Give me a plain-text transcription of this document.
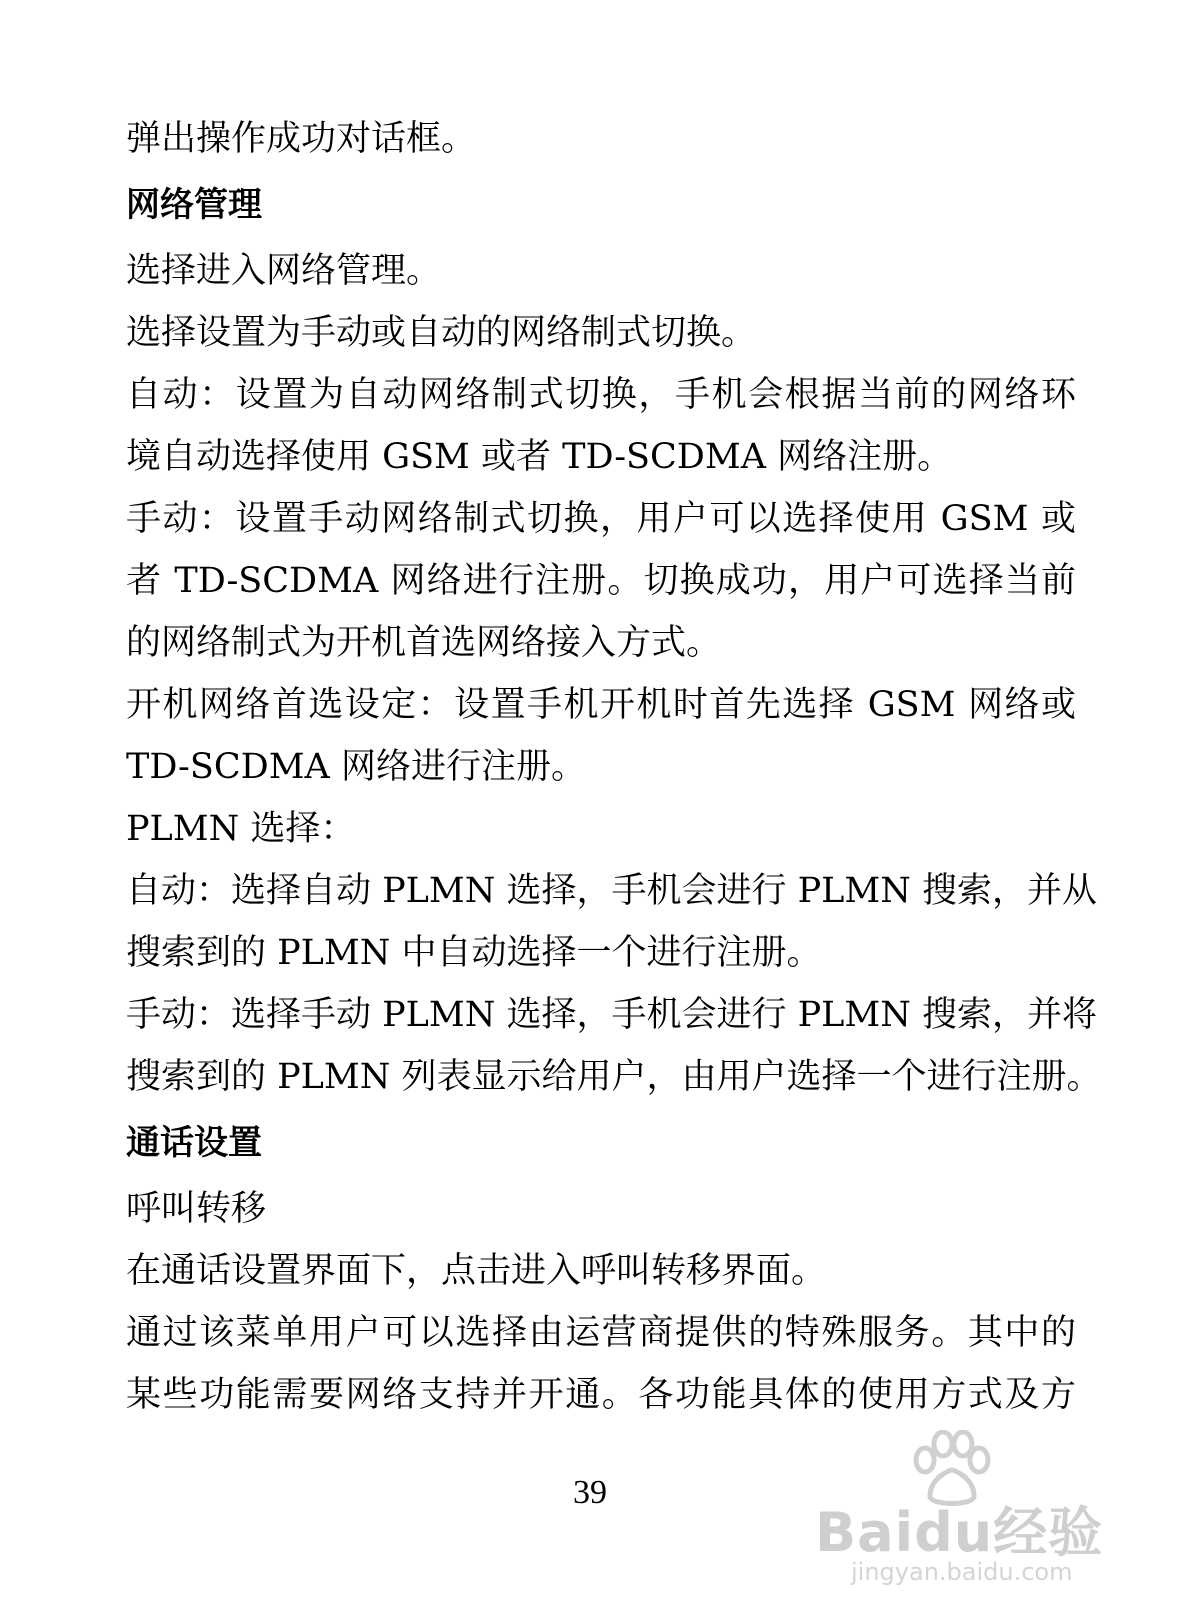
弹出操作成功对话框。

网络管理

选择进入网络管理。

选择设置为手动或自动的网络制式切换。

自动：设置为自动网络制式切换，手机会根据当前的网络环

境自动选择使用 GSM 或者 TD-SCDMA 网络注册。

手动：设置手动网络制式切换，用户可以选择使用 GSM 或

者 TD-SCDMA 网络进行注册。切换成功，用户可选择当前

的网络制式为开机首选网络接入方式。

开机网络首选设定：设置手机开机时首先选择 GSM 网络或

TD-SCDMA 网络进行注册。

PLMN 选择：

自动：选择自动 PLMN 选择，手机会进行 PLMN 搜索，并从

搜索到的 PLMN 中自动选择一个进行注册。

手动：选择手动 PLMN 选择，手机会进行 PLMN 搜索，并将

搜索到的 PLMN 列表显示给用户，由用户选择一个进行注册。

通话设置

呼叫转移

在通话设置界面下，点击进入呼叫转移界面。

通过该菜单用户可以选择由运营商提供的特殊服务。其中的

某些功能需要网络支持并开通。各功能具体的使用方式及方

39
Baidu经验
jingyan.baidu.com
